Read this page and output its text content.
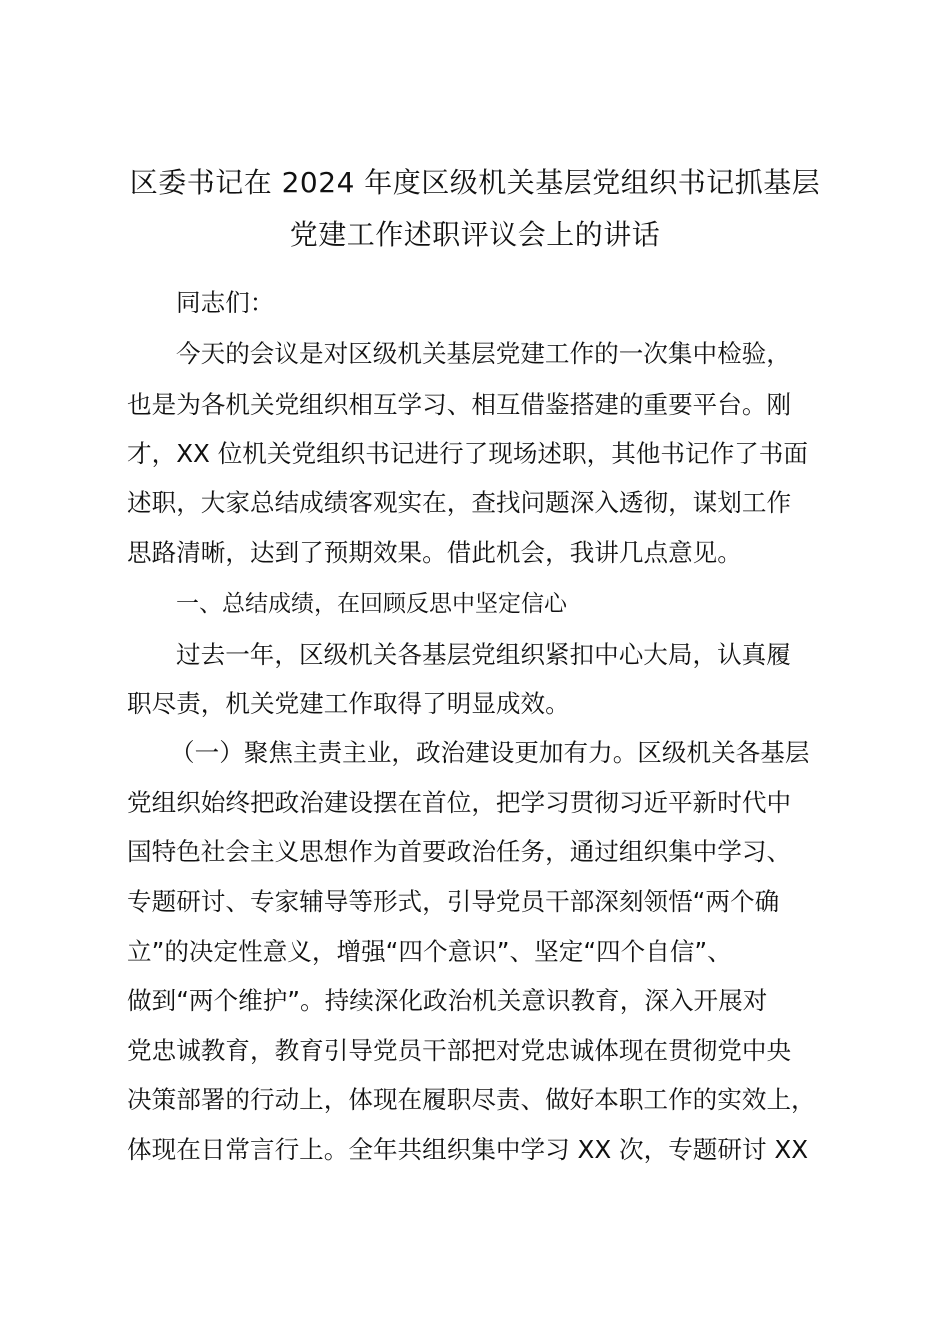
区委书记在 2024 年度区级机关基层党组织书记抓基层
党建工作述职评议会上的讲话
同志们：
今天的会议是对区级机关基层党建工作的一次集中检验，
也是为各机关党组织相互学习、相互借鉴搭建的重要平台。刚
才，XX 位机关党组织书记进行了现场述职，其他书记作了书面
述职，大家总结成绩客观实在，查找问题深入透彻，谋划工作
思路清晰，达到了预期效果。借此机会，我讲几点意见。
一、总结成绩，在回顾反思中坚定信心
过去一年，区级机关各基层党组织紧扣中心大局，认真履
职尽责，机关党建工作取得了明显成效。
（一）聚焦主责主业，政治建设更加有力。区级机关各基层
党组织始终把政治建设摆在首位，把学习贯彻习近平新时代中
国特色社会主义思想作为首要政治任务，通过组织集中学习、
专题研讨、专家辅导等形式，引导党员干部深刻领悟“两个确
立”的决定性意义，增强“四个意识”、坚定“四个自信”、
做到“两个维护”。持续深化政治机关意识教育，深入开展对
党忠诚教育，教育引导党员干部把对党忠诚体现在贯彻党中央
决策部署的行动上，体现在履职尽责、做好本职工作的实效上，
体现在日常言行上。全年共组织集中学习 XX 次，专题研讨 XX
